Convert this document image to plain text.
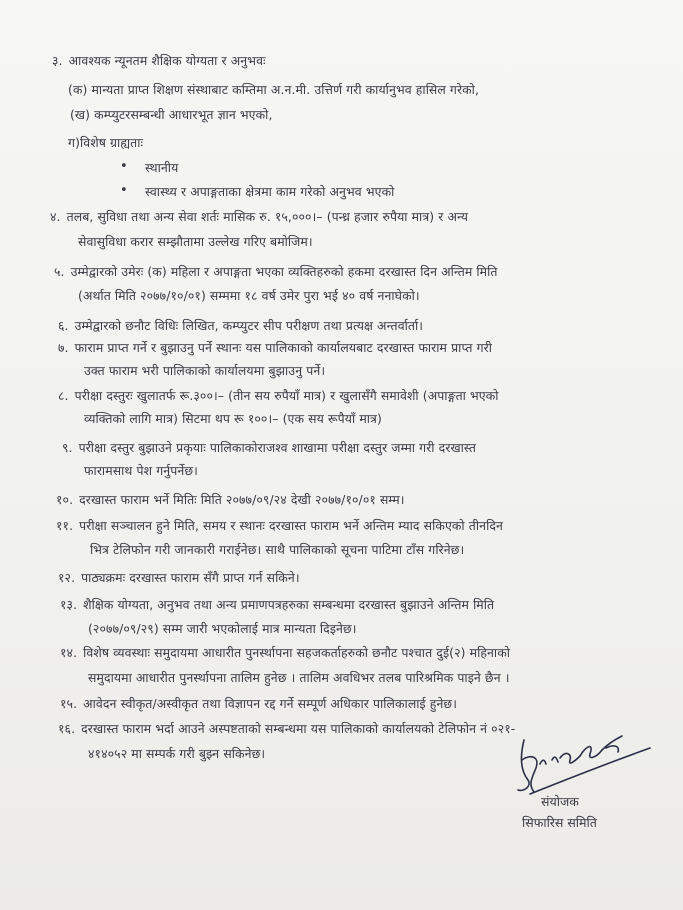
३. आवश्यक न्यूनतम शैक्षिक योग्यता र अनुभवः
(क) मान्यता प्राप्त शिक्षण संस्थाबाट कम्तिमा अ.न.मी. उत्तिर्ण गरी कार्यानुभव हासिल गरेको,
(ख) कम्प्युटरसम्बन्धी आधारभूत ज्ञान भएको,
ग)विशेष ग्राह्यताः
• स्थानीय
• स्वास्थ्य र अपाङ्गताका क्षेत्रमा काम गरेको अनुभव भएको
४. तलब, सुविधा तथा अन्य सेवा शर्तः मासिक रु. १५,०००।– (पन्ध्र हजार रुपैया मात्र) र अन्य
सेवासुविधा करार सम्झौतामा उल्लेख गरिए बमोजिम।
५. उम्मेद्वारको उमेरः (क) महिला र अपाङ्गता भएका व्यक्तिहरुको हकमा दरखास्त दिन अन्तिम मिति
(अर्थात मिति २०७७/१०/०१) सम्ममा १८ वर्ष उमेर पुरा भई ४० वर्ष ननाघेको।
६. उम्मेद्वारको छनौट विधिः लिखित, कम्प्युटर सीप परीक्षण तथा प्रत्यक्ष अन्तर्वार्ता।
७. फाराम प्राप्त गर्ने र बुझाउनु पर्ने स्थानः यस पालिकाको कार्यालयबाट दरखास्त फाराम प्राप्त गरी
उक्त फाराम भरी पालिकाको कार्यालयमा बुझाउनु पर्ने।
८. परीक्षा दस्तुरः खुलातर्फ रू.३००।– (तीन सय रुपैयाँ मात्र) र खुलासँगै समावेशी (अपाङ्गता भएको
व्यक्तिको लागि मात्र) सिटमा थप रू १००।– (एक सय रूपैयाँ मात्र)
९. परीक्षा दस्तुर बुझाउने प्रकृयाः पालिकाकोराजश्व शाखामा परीक्षा दस्तुर जम्मा गरी दरखास्त
फारामसाथ पेश गर्नुपर्नेछ।
१०. दरखास्त फाराम भर्ने मितिः मिति २०७७/०९/२४ देखी २०७७/१०/०१ सम्म।
११. परीक्षा सञ्चालन हुने मिति, समय र स्थानः दरखास्त फाराम भर्ने अन्तिम म्याद सकिएको तीनदिन
भित्र टेलिफोन गरी जानकारी गराईनेछ। साथै पालिकाको सूचना पाटिमा टाँस गरिनेछ।
१२. पाठ्यक्रमः दरखास्त फाराम सँगै प्राप्त गर्न सकिने।
१३. शैक्षिक योग्यता, अनुभव तथा अन्य प्रमाणपत्रहरुका सम्बन्धमा दरखास्त बुझाउने अन्तिम मिति
(२०७७/०९/२९) सम्म जारी भएकोलाई मात्र मान्यता दिइनेछ।
१४. विशेष व्यवस्थाः समुदायमा आधारीत पुनर्स्थापना सहजकर्ताहरुको छनौट पश्चात दुई(२) महिनाको
समुदायमा आधारीत पुनर्स्थापना तालिम हुनेछ । तालिम अवधिभर तलब पारिश्रमिक पाइने छैन ।
१५. आवेदन स्वीकृत/अस्वीकृत तथा विज्ञापन रद्द गर्ने सम्पूर्ण अधिकार पालिकालाई हुनेछ।
१६. दरखास्त फाराम भर्दा आउने अस्पष्टताको सम्बन्धमा यस पालिकाको कार्यालयको टेलिफोन नं ०२१-
४१४०५२ मा सम्पर्क गरी बुझ्न सकिनेछ।
संयोजक
सिफारिस समिति
